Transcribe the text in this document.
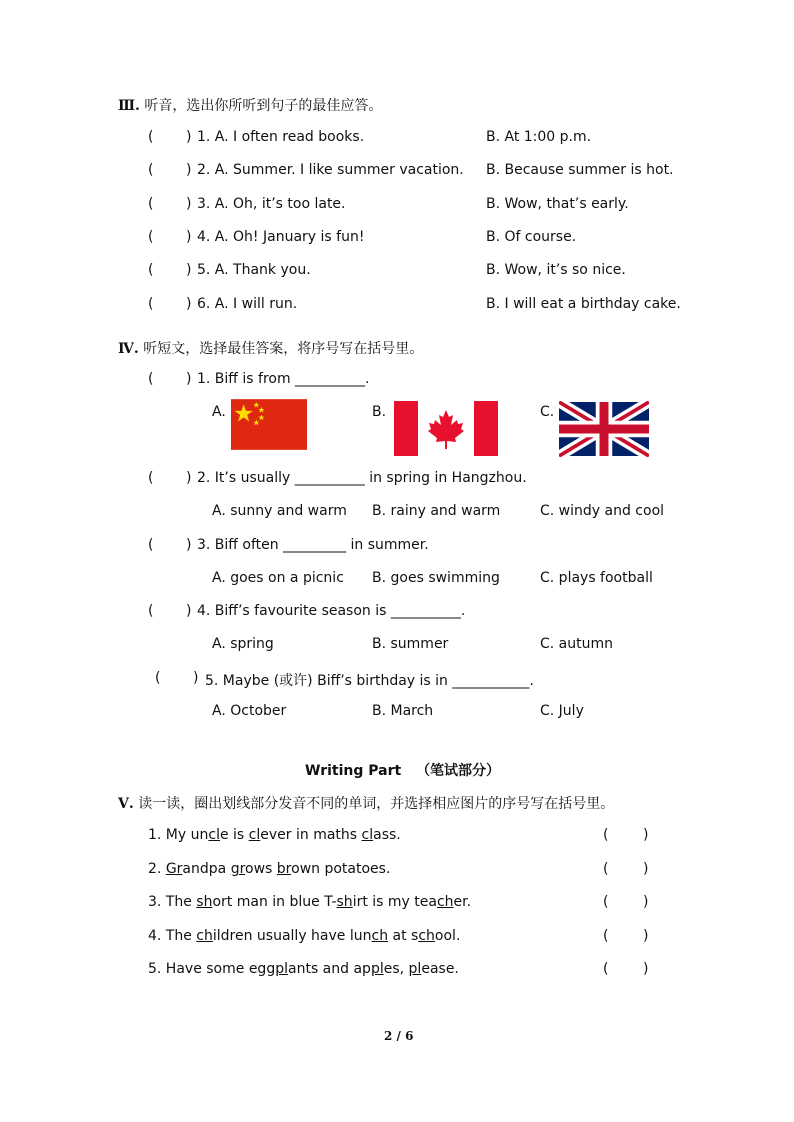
Ⅲ. 听音，选出你所听到句子的最佳应答。
( ) 1. A. I often read books.	B. At 1:00 p.m.
( ) 2. A. Summer. I like summer vacation. B. Because summer is hot.
( ) 3. A. Oh, it’s too late.	B. Wow, that’s early.
( ) 4. A. Oh! January is fun!	B. Of course.
( ) 5. A. Thank you.	B. Wow, it’s so nice.
( ) 6. A. I will run.	B. I will eat a birthday cake.
Ⅳ. 听短文，选择最佳答案，将序号写在括号里。
( ) 1. Biff is from __________.
A.	B.	C.
( ) 2. It’s usually __________ in spring in Hangzhou.
A. sunny and warm B. rainy and warm	C. windy and cool
( ) 3. Biff often _________ in summer.
A. goes on a picnic B. goes swimming	C. plays football
( ) 4. Biff’s favourite season is __________.
A. spring	B. summer	C. autumn
( ) 5. Maybe (或许) Biff’s birthday is in ___________.
A. October	B. March	C. July
Writing Part （笔试部分）
Ⅴ. 读一读，圈出划线部分发音不同的单词，并选择相应图片的序号写在括号里。
1. My uncle is clever in maths class.	( )
2. Grandpa grows brown potatoes.	( )
3. The short man in blue T-shirt is my teacher.	( )
4. The children usually have lunch at school.	( )
5. Have some eggplants and apples, please.	( )
2 / 6
